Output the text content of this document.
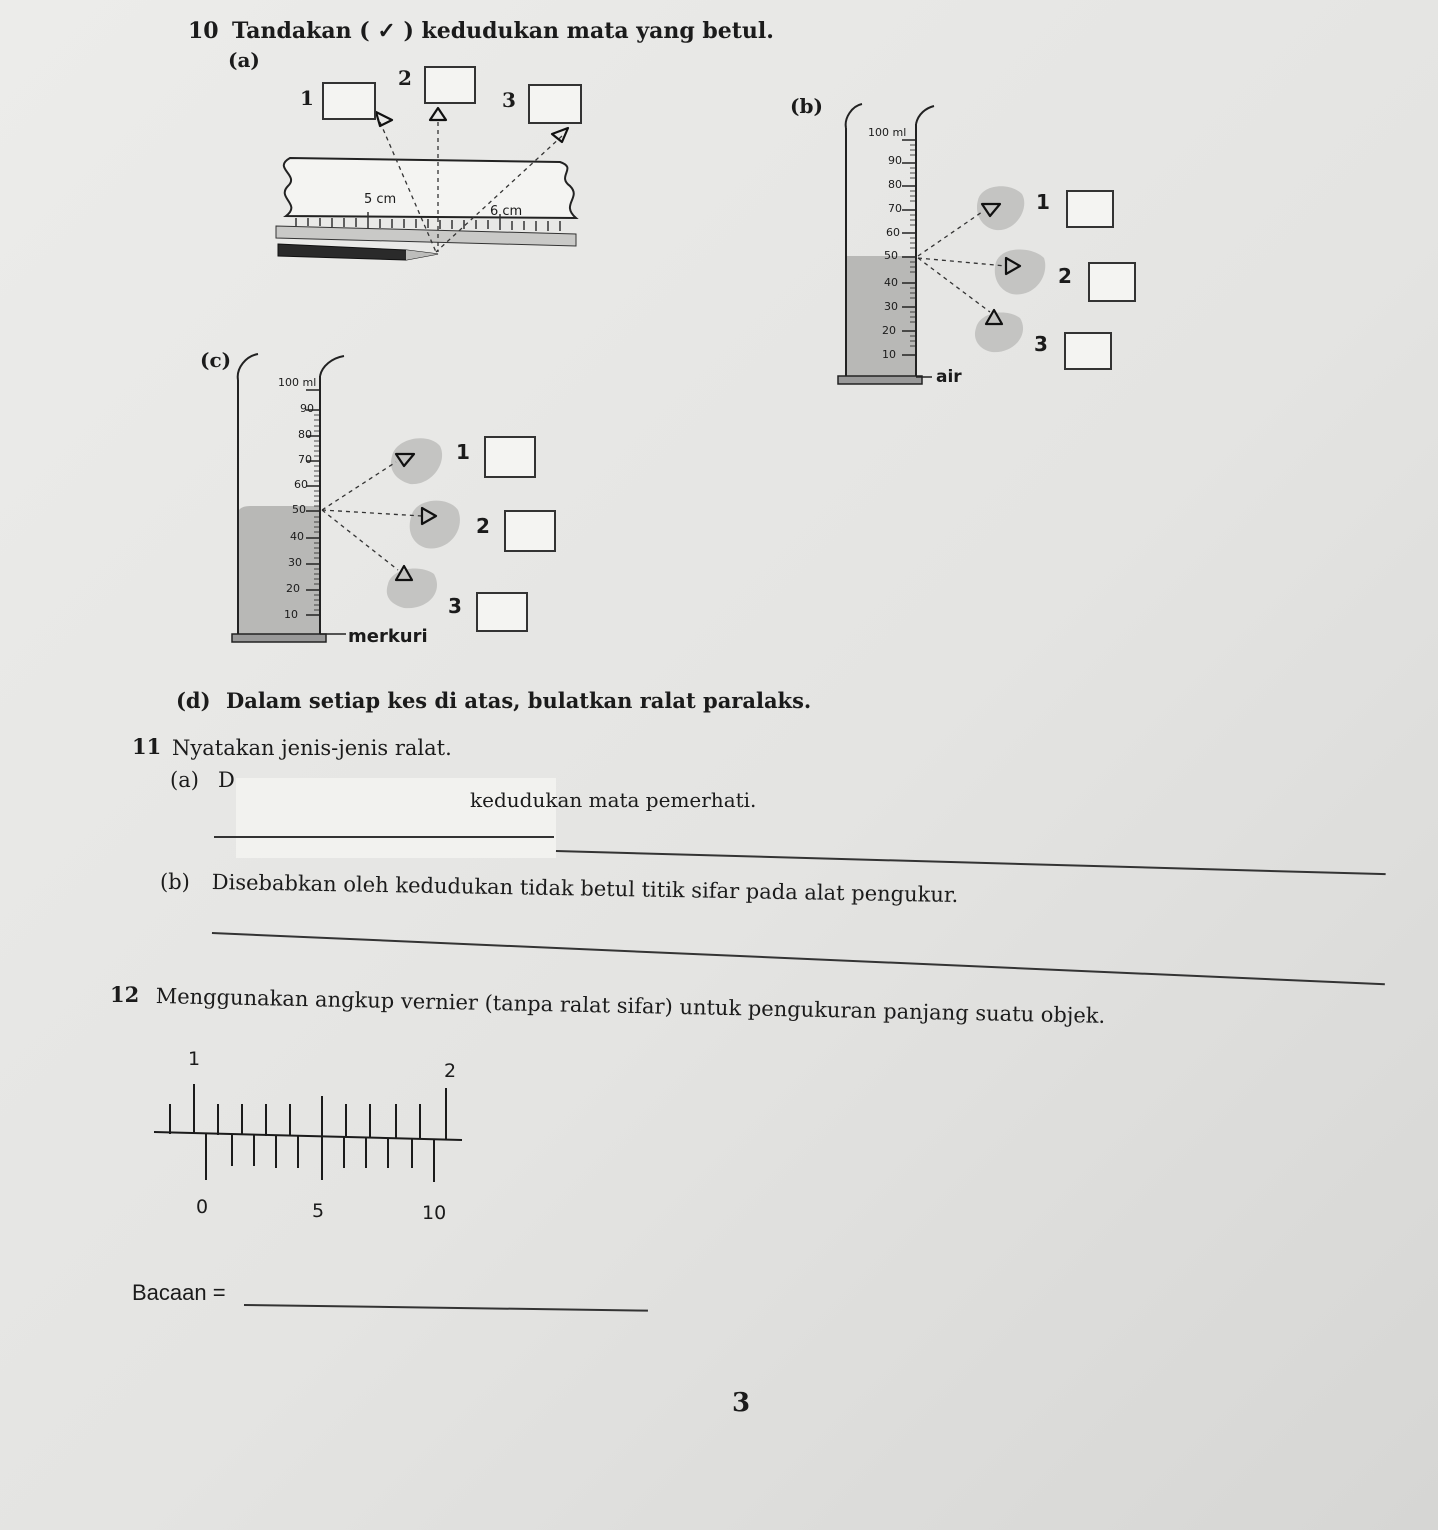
10 Tandakan ( ✓ ) kedudukan mata yang betul.
(a)
1
2
3
5 cm
6 cm
(b)
100 ml
90
80
70
60
50
40
30
20
10
air
1
2
3
(c)
100 ml
90
80
70
60
50
40
30
20
10
merkuri
1
2
3
(d) Dalam setiap kes di atas, bulatkan ralat paralaks.
11 Nyatakan jenis-jenis ralat.
(a) D
kedudukan mata pemerhati.
(b) Disebabkan oleh kedudukan tidak betul titik sifar pada alat pengukur.
12 Menggunakan angkup vernier (tanpa ralat sifar) untuk pengukuran panjang suatu objek.
1
2
0	5	10
Bacaan =
3
